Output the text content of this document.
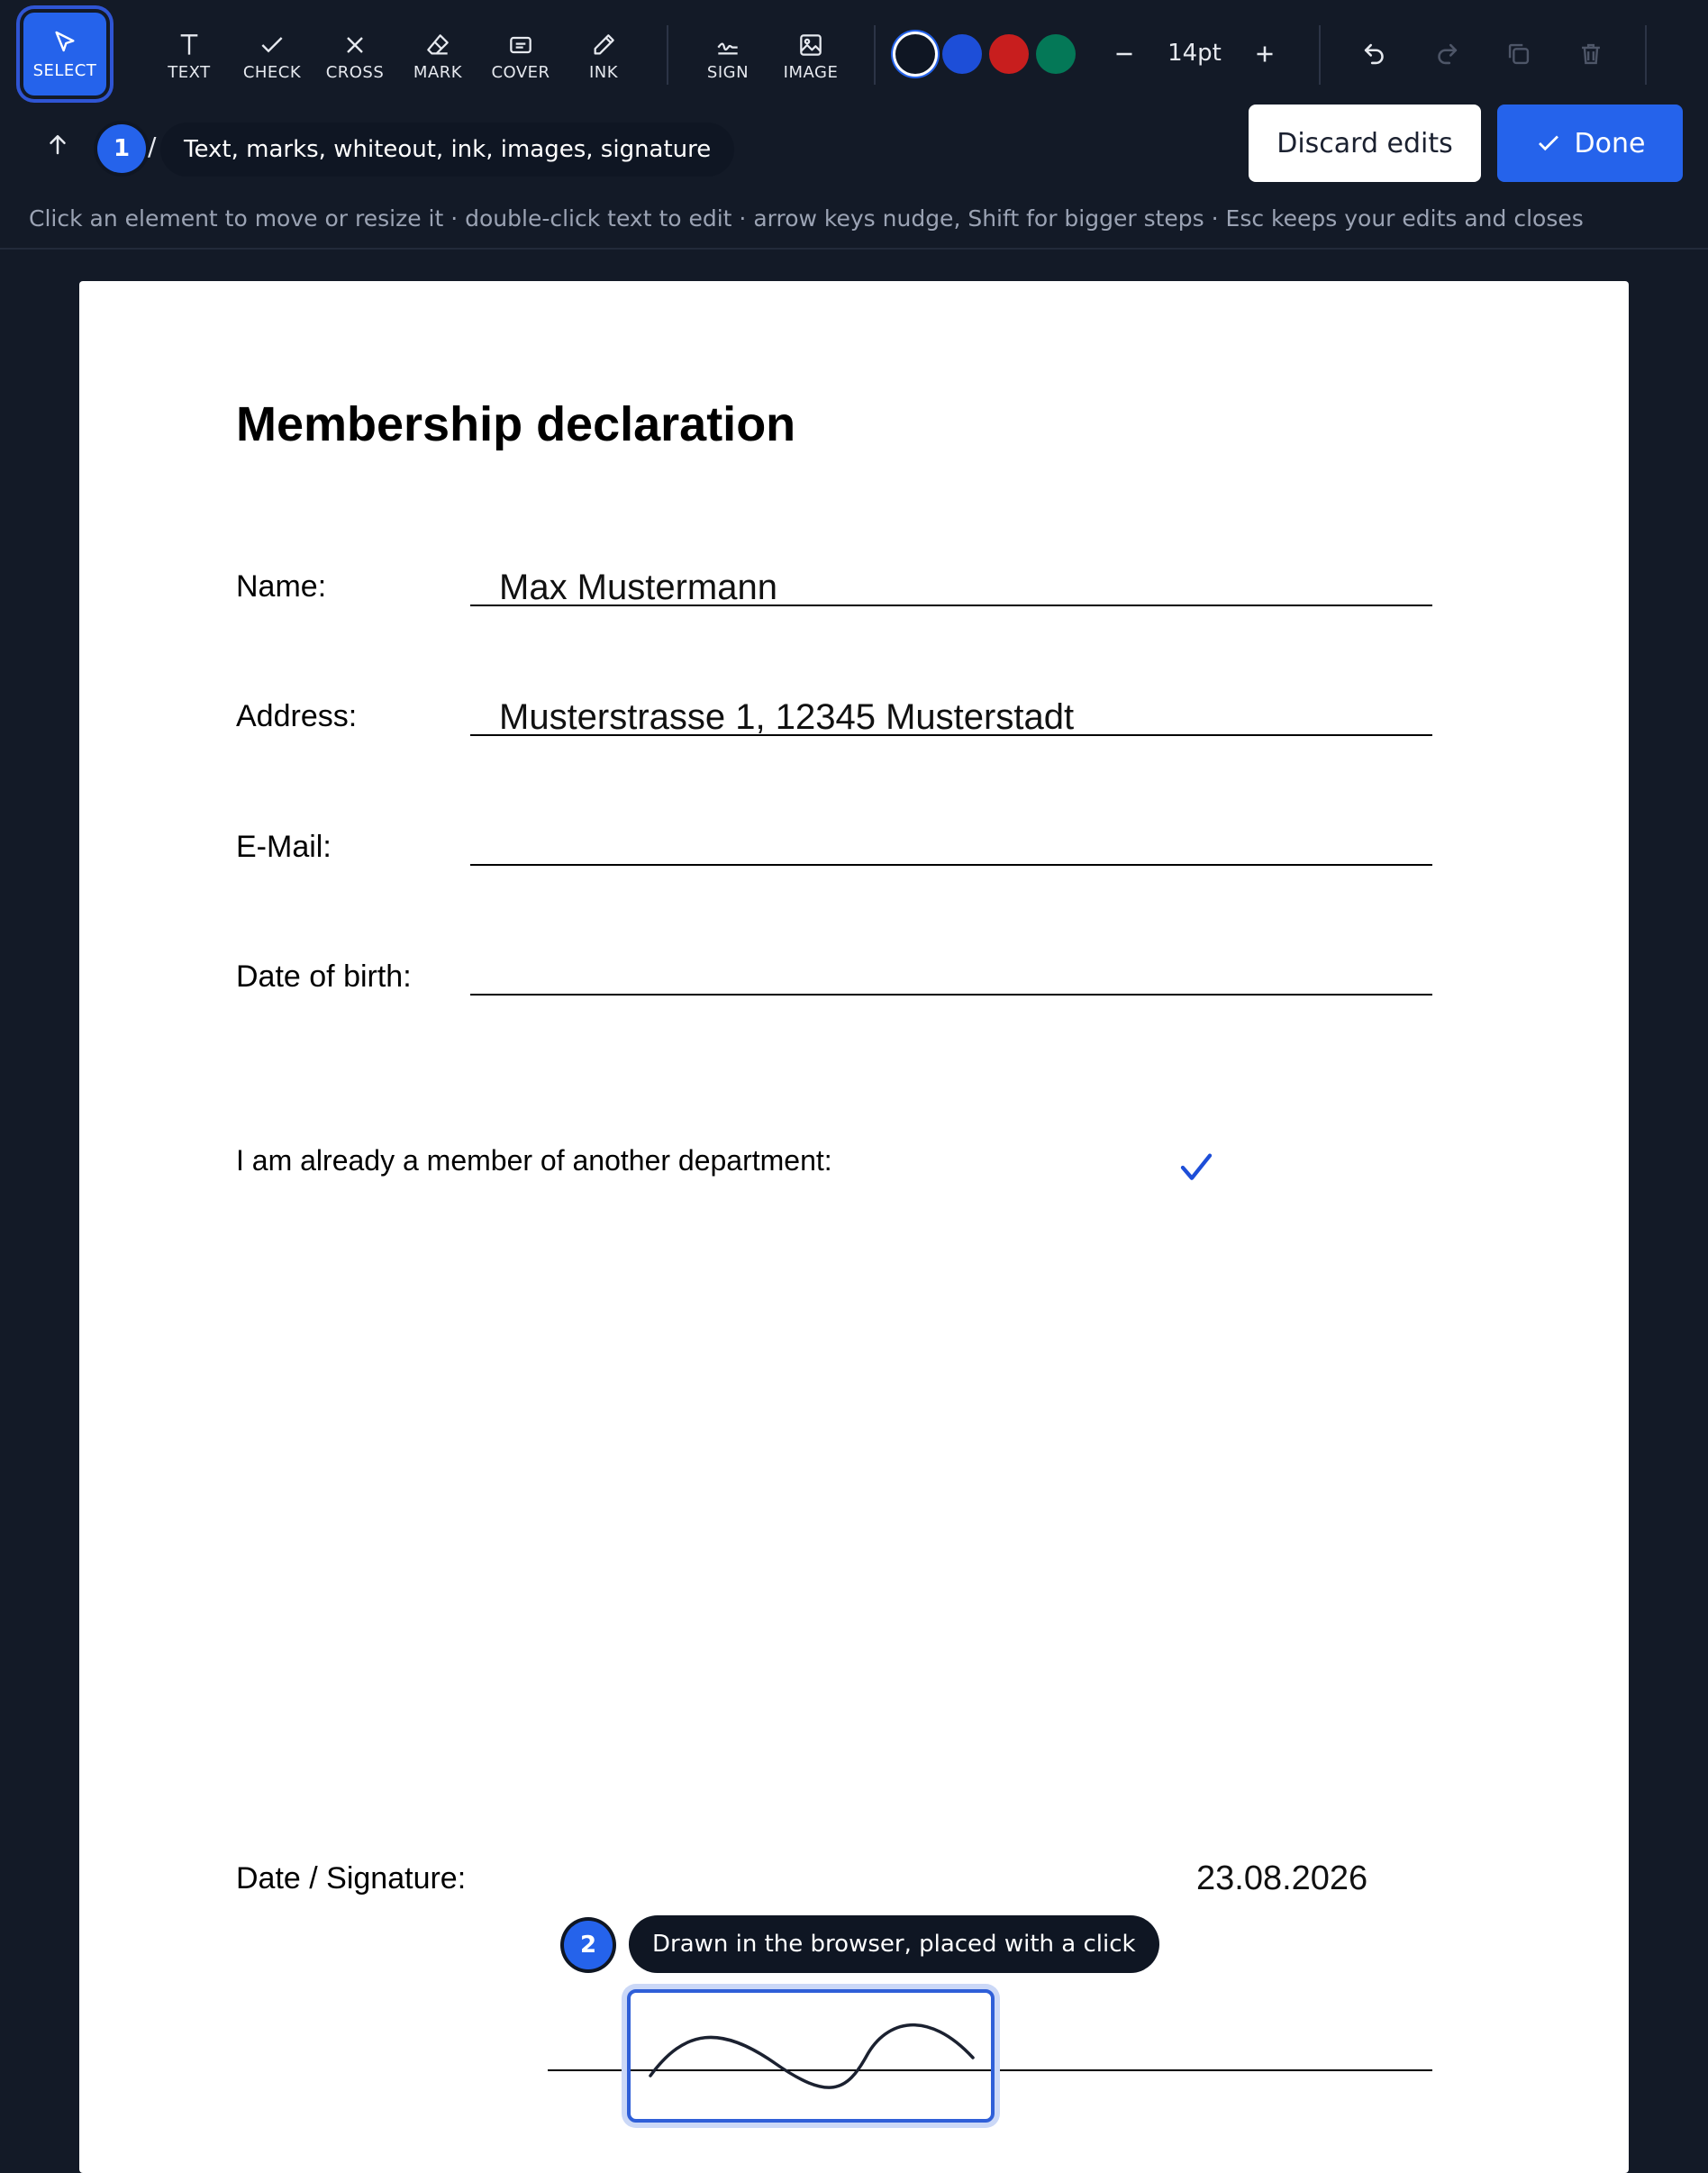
SELECT	TEXT CHECK CROSS MARK COVER INK	SIGN IMAGE
14pt
1 /	Text, marks, whiteout, ink, images, signature	Discard edits	Done
Click an element to move or resize it · double-click text to edit · arrow keys nudge, Shift for bigger steps · Esc keeps your edits and closes
Membership declaration
Name:	Max Mustermann
Address:	Musterstrasse 1, 12345 Musterstadt
E-Mail:
Date of birth:
I am already a member of another department:
2	Drawn in the browser, placed with a click
Date / Signature:	23.08.2026
